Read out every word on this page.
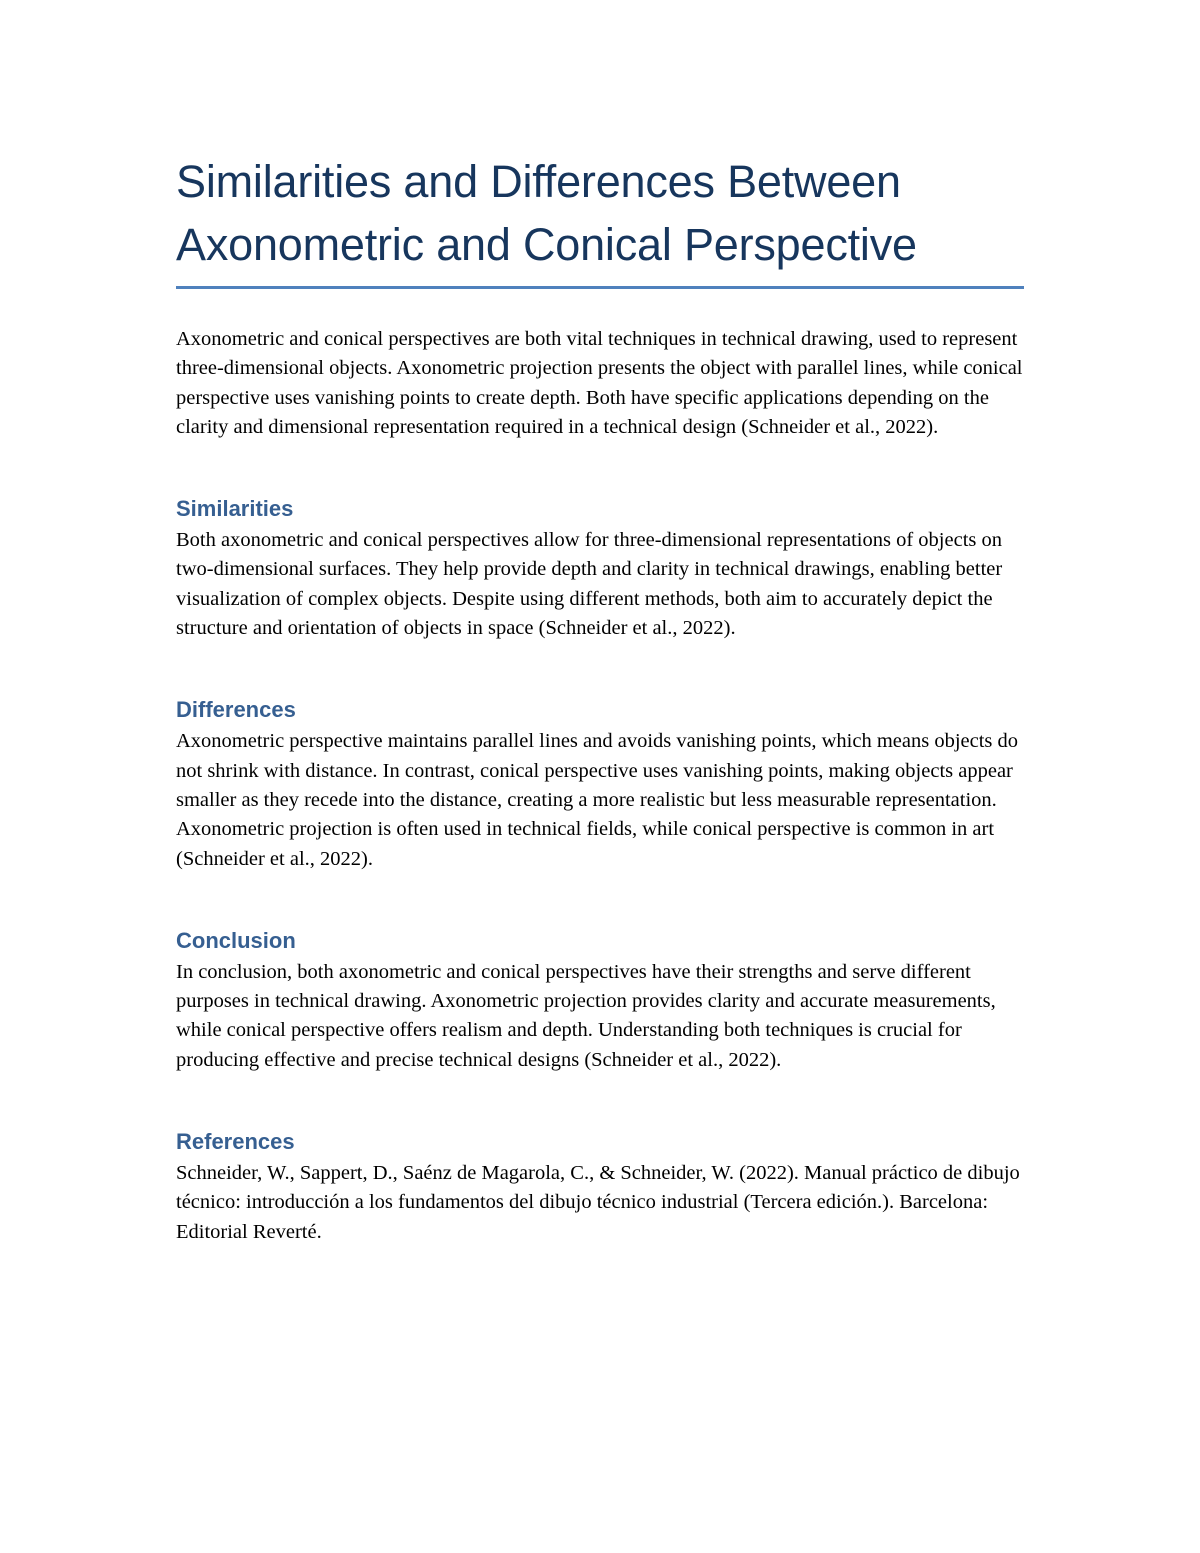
Similarities and Differences Between Axonometric and Conical Perspective

Axonometric and conical perspectives are both vital techniques in technical drawing, used to represent three-dimensional objects. Axonometric projection presents the object with parallel lines, while conical perspective uses vanishing points to create depth. Both have specific applications depending on the clarity and dimensional representation required in a technical design (Schneider et al., 2022).

Similarities

Both axonometric and conical perspectives allow for three-dimensional representations of objects on two-dimensional surfaces. They help provide depth and clarity in technical drawings, enabling better visualization of complex objects. Despite using different methods, both aim to accurately depict the structure and orientation of objects in space (Schneider et al., 2022).

Differences

Axonometric perspective maintains parallel lines and avoids vanishing points, which means objects do not shrink with distance. In contrast, conical perspective uses vanishing points, making objects appear smaller as they recede into the distance, creating a more realistic but less measurable representation. Axonometric projection is often used in technical fields, while conical perspective is common in art (Schneider et al., 2022).

Conclusion

In conclusion, both axonometric and conical perspectives have their strengths and serve different purposes in technical drawing. Axonometric projection provides clarity and accurate measurements, while conical perspective offers realism and depth. Understanding both techniques is crucial for producing effective and precise technical designs (Schneider et al., 2022).

References

Schneider, W., Sappert, D., Saénz de Magarola, C., & Schneider, W. (2022). Manual práctico de dibujo técnico: introducción a los fundamentos del dibujo técnico industrial (Tercera edición.). Barcelona: Editorial Reverté.
